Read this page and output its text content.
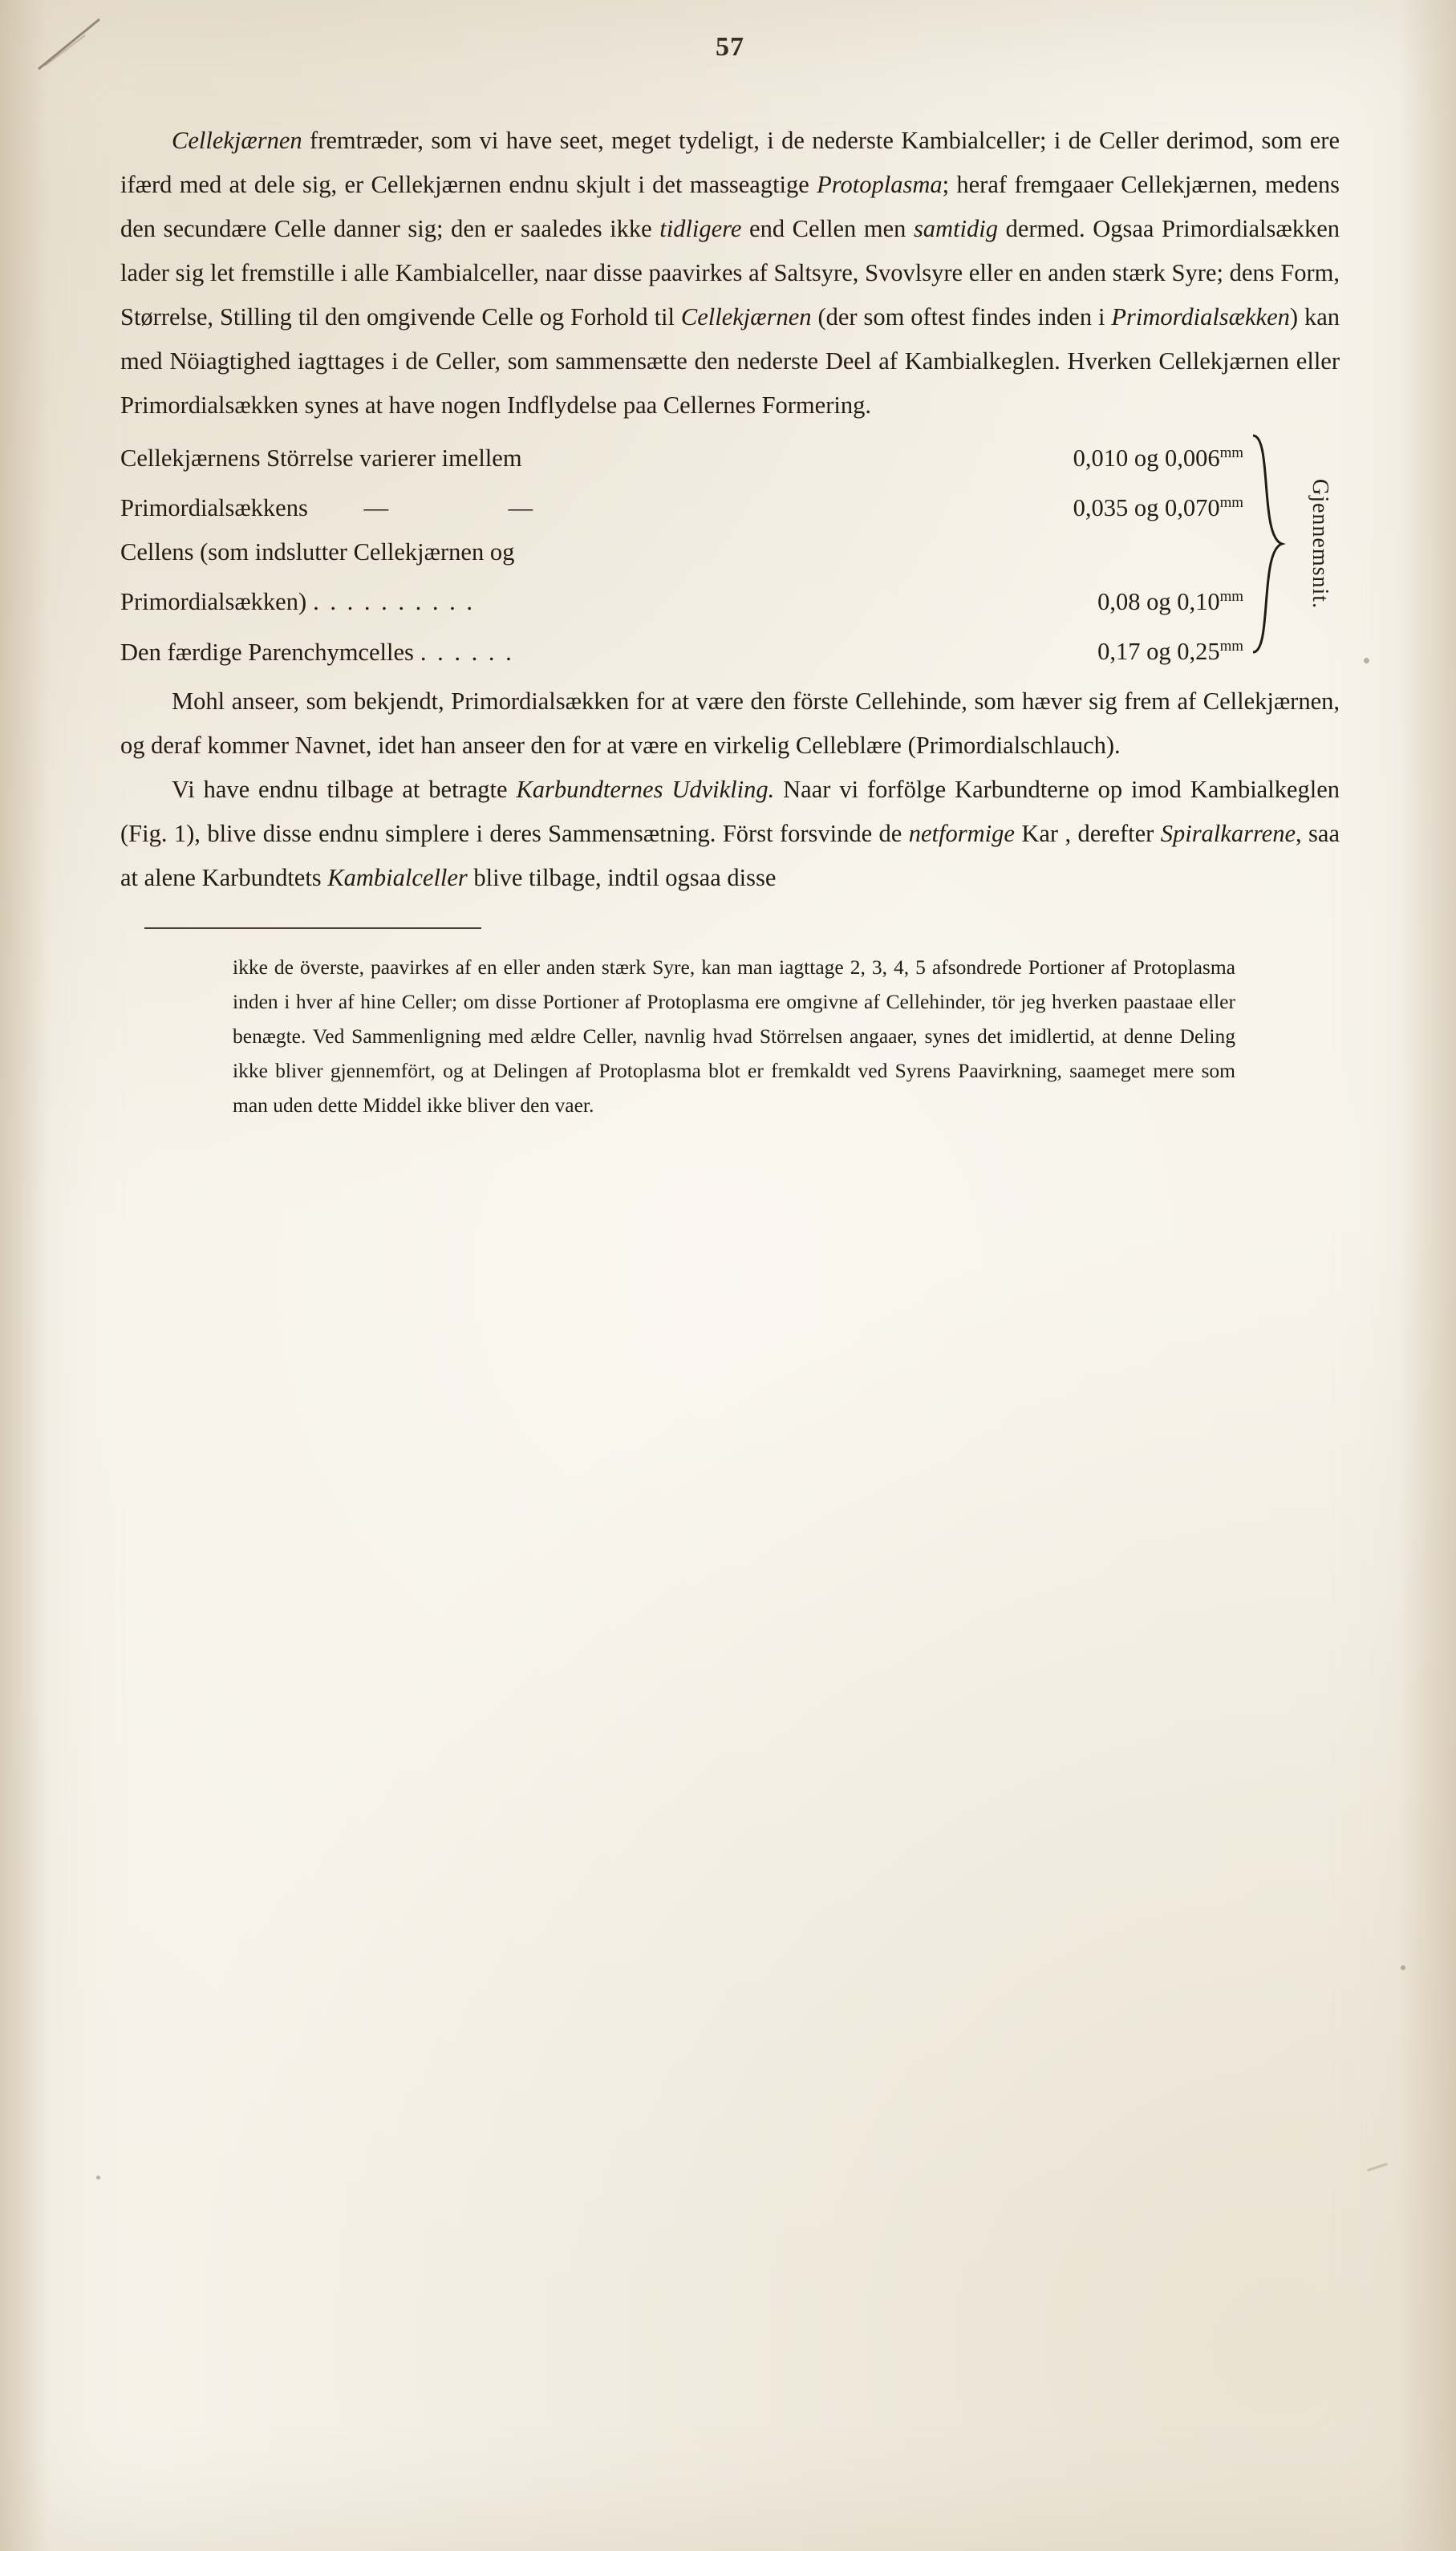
57

Cellekjærnen fremtræder, som vi have seet, meget tydeligt, i de nederste Kambialceller; i de Celler derimod, som ere ifærd med at dele sig, er Cellekjærnen endnu skjult i det masseagtige Protoplasma; heraf fremgaaer Cellekjærnen, medens den secundære Celle danner sig; den er saaledes ikke tidligere end Cellen men samtidig dermed. Ogsaa Primordialsækken lader sig let fremstille i alle Kambialceller, naar disse paavirkes af Saltsyre, Svovlsyre eller en anden stærk Syre; dens Form, Størrelse, Stilling til den omgivende Celle og Forhold til Cellekjærnen (der som oftest findes inden i Primordialsækken) kan med Nöiagtighed iagttages i de Celler, som sammensætte den nederste Deel af Kambialkeglen. Hverken Cellekjærnen eller Primordialsækken synes at have nogen Indflydelse paa Cellernes Formering.

Cellekjærnens Störrelse varierer imellem	0,010 og $0,006^{mm}$
Primordialsækkens	—	—	0,035 og $0,070^{mm}$
Cellens (som indslutter Cellekjærnen og
Primordialsækken) . . . . . . . . . .	0,08 og $0,10^{mm}$
Den færdige Parenchymcelles . . . . . .	0,17 og $0,25^{mm}$
Gjennemsnit.

Mohl anseer, som bekjendt, Primordialsækken for at være den förste Cellehinde, som hæver sig frem af Cellekjærnen, og deraf kommer Navnet, idet han anseer den for at være en virkelig Celleblære (Primordialschlauch).

Vi have endnu tilbage at betragte Karbundternes Udvikling. Naar vi forfölge Karbundterne op imod Kambialkeglen (Fig. 1), blive disse endnu simplere i deres Sammensætning. Först forsvinde de netformige Kar , derefter Spiralkarrene, saa at alene Karbundtets Kambialceller blive tilbage, indtil ogsaa disse

ikke de överste, paavirkes af en eller anden stærk Syre, kan man iagttage 2, 3, 4, 5 afsondrede Portioner af Protoplasma inden i hver af hine Celler; om disse Portioner af Protoplasma ere omgivne af Cellehinder, tör jeg hverken paastaae eller benægte. Ved Sammenligning med ældre Celler, navnlig hvad Störrelsen angaaer, synes det imidlertid, at denne Deling ikke bliver gjennemfört, og at Delingen af Protoplasma blot er fremkaldt ved Syrens Paavirkning, saameget mere som man uden dette Middel ikke bliver den vaer.
